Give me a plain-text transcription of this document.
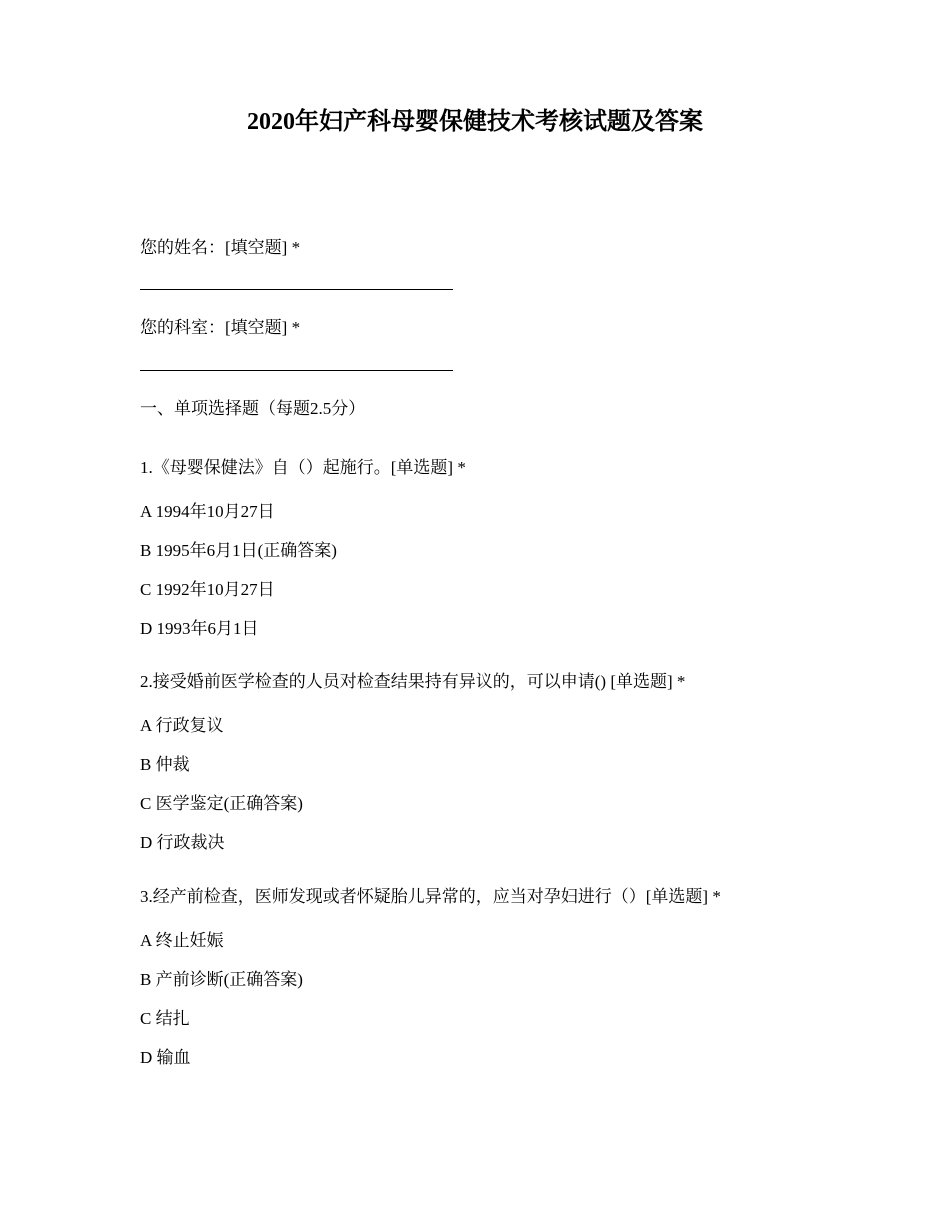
2020年妇产科母婴保健技术考核试题及答案
您的姓名：[填空题] *
您的科室：[填空题] *
一、单项选择题（每题2.5分）
1.《母婴保健法》自（）起施行。[单选题] *
A 1994年10月27日
B 1995年6月1日(正确答案)
C 1992年10月27日
D 1993年6月1日
2.接受婚前医学检查的人员对检查结果持有异议的，可以申请() [单选题] *
A 行政复议
B 仲裁
C 医学鉴定(正确答案)
D 行政裁决
3.经产前检查，医师发现或者怀疑胎儿异常的，应当对孕妇进行（）[单选题] *
A 终止妊娠
B 产前诊断(正确答案)
C 结扎
D 输血
